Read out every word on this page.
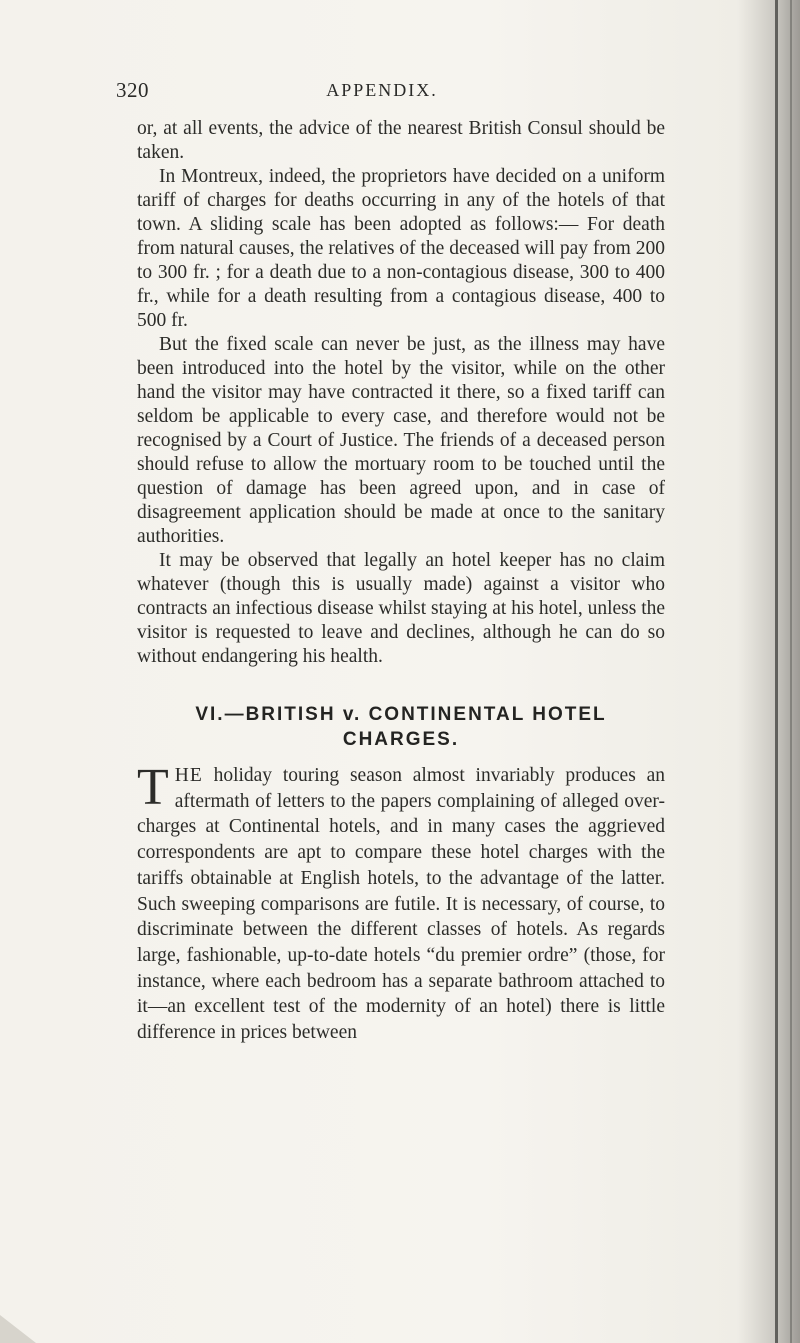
320	APPENDIX.

or, at all events, the advice of the nearest British Consul should be taken.

In Montreux, indeed, the proprietors have decided on a uniform tariff of charges for deaths occurring in any of the hotels of that town. A sliding scale has been adopted as follows:— For death from natural causes, the relatives of the deceased will pay from 200 to 300 fr. ; for a death due to a non-contagious disease, 300 to 400 fr., while for a death resulting from a contagious disease, 400 to 500 fr.

But the fixed scale can never be just, as the illness may have been introduced into the hotel by the visitor, while on the other hand the visitor may have contracted it there, so a fixed tariff can seldom be applicable to every case, and therefore would not be recognised by a Court of Justice. The friends of a deceased person should refuse to allow the mortuary room to be touched until the question of damage has been agreed upon, and in case of disagreement application should be made at once to the sanitary authorities.

It may be observed that legally an hotel keeper has no claim whatever (though this is usually made) against a visitor who contracts an infectious disease whilst staying at his hotel, unless the visitor is requested to leave and declines, although he can do so without endangering his health.

VI.—BRITISH v. CONTINENTAL HOTEL CHARGES.

THE holiday touring season almost invariably produces an aftermath of letters to the papers complaining of alleged over-charges at Continental hotels, and in many cases the aggrieved correspondents are apt to compare these hotel charges with the tariffs obtainable at English hotels, to the advantage of the latter. Such sweeping comparisons are futile. It is necessary, of course, to discriminate between the different classes of hotels. As regards large, fashionable, up-to-date hotels “du premier ordre” (those, for instance, where each bedroom has a separate bathroom attached to it—an excellent test of the modernity of an hotel) there is little difference in prices between
